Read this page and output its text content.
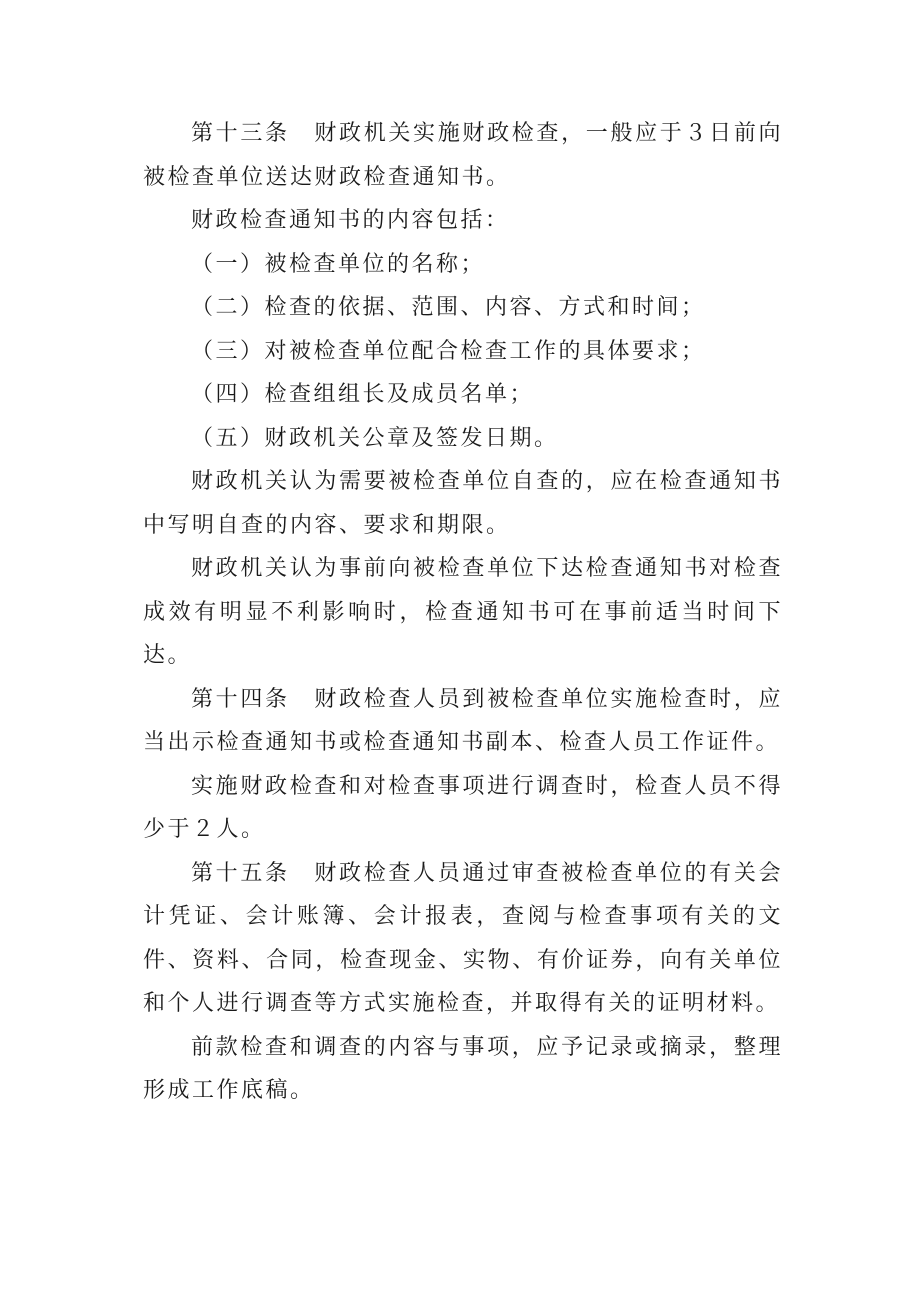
第十三条　财政机关实施财政检查，一般应于３日前向被检查单位送达财政检查通知书。

财政检查通知书的内容包括：

（一）被检查单位的名称；

（二）检查的依据、范围、内容、方式和时间；

（三）对被检查单位配合检查工作的具体要求；

（四）检查组组长及成员名单；

（五）财政机关公章及签发日期。

财政机关认为需要被检查单位自查的，应在检查通知书中写明自查的内容、要求和期限。

财政机关认为事前向被检查单位下达检查通知书对检查成效有明显不利影响时，检查通知书可在事前适当时间下达。

第十四条　财政检查人员到被检查单位实施检查时，应当出示检查通知书或检查通知书副本、检查人员工作证件。

实施财政检查和对检查事项进行调查时，检查人员不得少于２人。

第十五条　财政检查人员通过审查被检查单位的有关会计凭证、会计账簿、会计报表，查阅与检查事项有关的文件、资料、合同，检查现金、实物、有价证券，向有关单位和个人进行调查等方式实施检查，并取得有关的证明材料。

前款检查和调查的内容与事项，应予记录或摘录，整理形成工作底稿。
